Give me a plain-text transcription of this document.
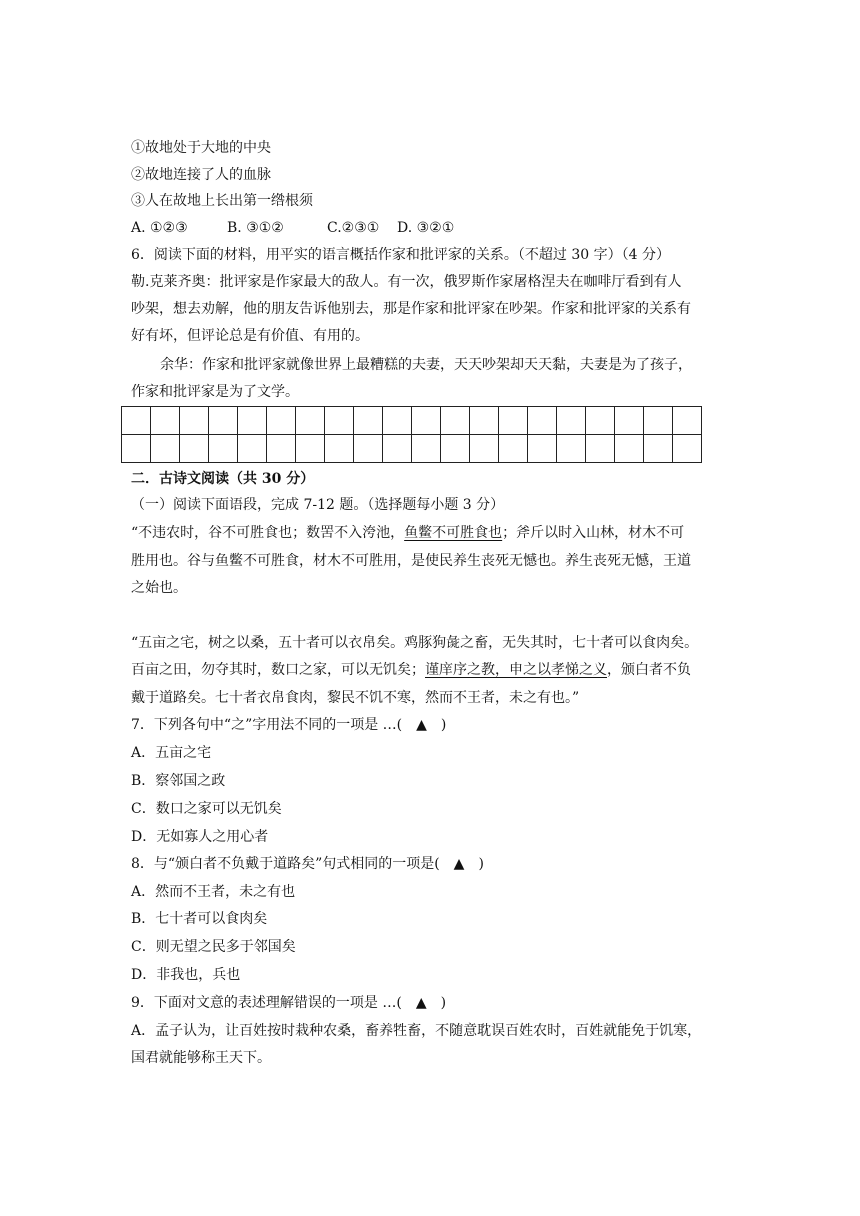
①故地处于大地的中央
②故地连接了人的血脉
③人在故地上长出第一绺根须
A. ①②③	B. ③①②	C.②③① D. ③②①
6．阅读下面的材料，用平实的语言概括作家和批评家的关系。（不超过 30 字）（4 分）
勒.克莱齐奥：批评家是作家最大的敌人。有一次，俄罗斯作家屠格涅夫在咖啡厅看到有人
吵架，想去劝解，他的朋友告诉他别去，那是作家和批评家在吵架。作家和批评家的关系有
好有坏，但评论总是有价值、有用的。
余华：作家和批评家就像世界上最糟糕的夫妻，天天吵架却天天黏，夫妻是为了孩子，
作家和批评家是为了文学。

二．古诗文阅读（共 30 分）
（一）阅读下面语段，完成 7-12 题。（选择题每小题 3 分）
“不违农时，谷不可胜食也；数罟不入洿池，鱼鳖不可胜食也；斧斤以时入山林，材木不可
胜用也。谷与鱼鳖不可胜食，材木不可胜用，是使民养生丧死无憾也。养生丧死无憾，王道
之始也。
“五亩之宅，树之以桑，五十者可以衣帛矣。鸡豚狗彘之畜，无失其时，七十者可以食肉矣。
百亩之田，勿夺其时，数口之家，可以无饥矣；谨庠序之教，申之以孝悌之义，颁白者不负
戴于道路矣。七十者衣帛食肉，黎民不饥不寒，然而不王者，未之有也。”
7．下列各句中“之”字用法不同的一项是 …(　▲　)
A．五亩之宅
B．察邻国之政
C．数口之家可以无饥矣
D．无如寡人之用心者
8．与“颁白者不负戴于道路矣”句式相同的一项是(　▲　)
A．然而不王者，未之有也
B．七十者可以食肉矣
C．则无望之民多于邻国矣
D．非我也，兵也
9．下面对文意的表述理解错误的一项是 …(　▲　)
A．孟子认为，让百姓按时栽种农桑，畜养牲畜，不随意耽误百姓农时，百姓就能免于饥寒，
国君就能够称王天下。
